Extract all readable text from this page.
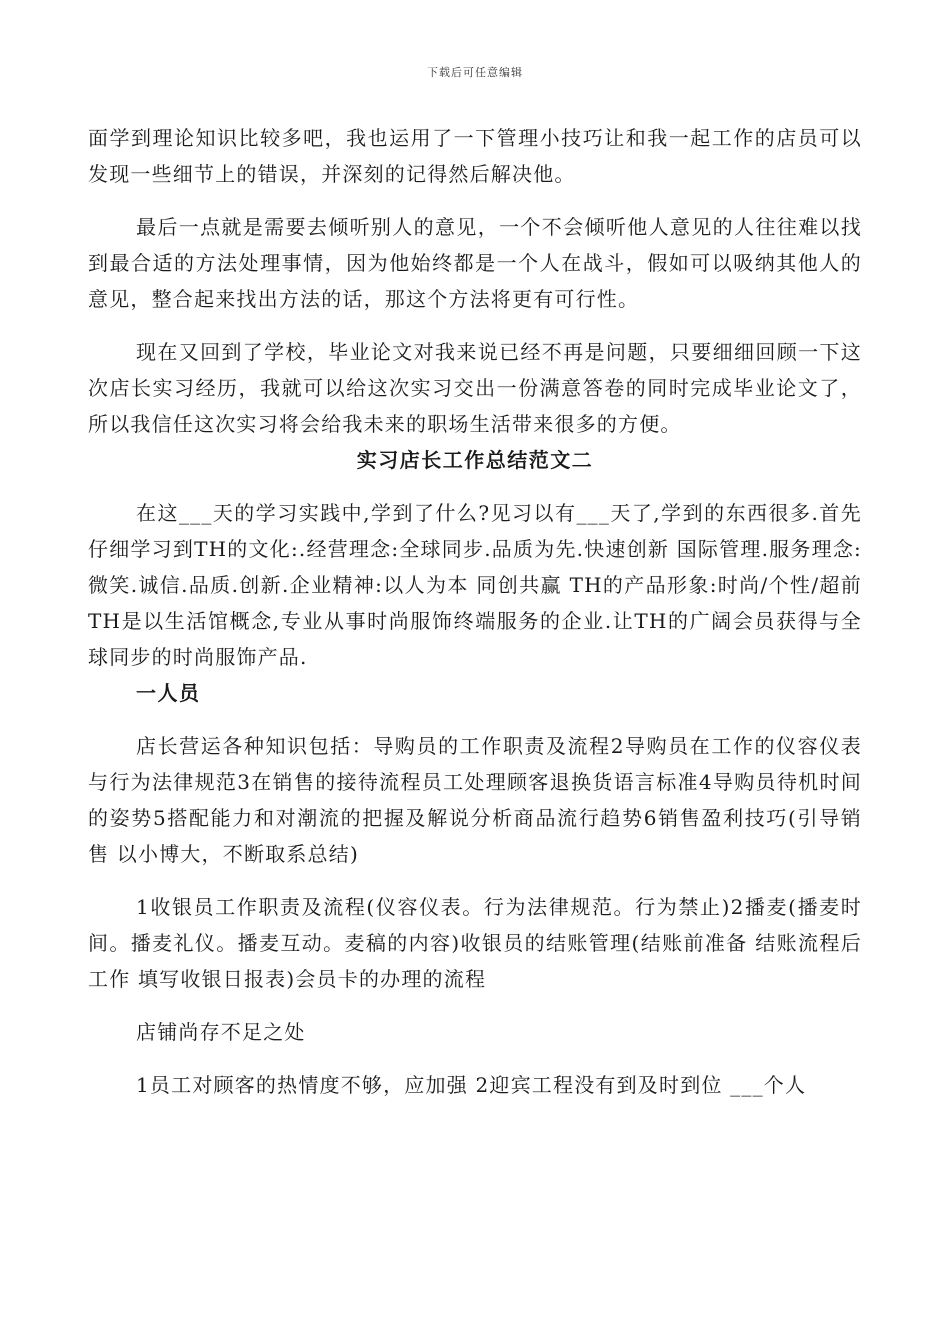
下载后可任意编辑

面学到理论知识比较多吧，我也运用了一下管理小技巧让和我一起工作的店员可以发现一些细节上的错误，并深刻的记得然后解决他。

最后一点就是需要去倾听别人的意见，一个不会倾听他人意见的人往往难以找到最合适的方法处理事情，因为他始终都是一个人在战斗，假如可以吸纳其他人的意见，整合起来找出方法的话，那这个方法将更有可行性。

现在又回到了学校，毕业论文对我来说已经不再是问题，只要细细回顾一下这次店长实习经历，我就可以给这次实习交出一份满意答卷的同时完成毕业论文了，所以我信任这次实习将会给我未来的职场生活带来很多的方便。

实习店长工作总结范文二

在这___天的学习实践中,学到了什么?见习以有___天了,学到的东西很多.首先仔细学习到TH的文化:.经营理念:全球同步.品质为先.快速创新 国际管理.服务理念:微笑.诚信.品质.创新.企业精神:以人为本 同创共赢 TH的产品形象:时尚/个性/超前TH是以生活馆概念,专业从事时尚服饰终端服务的企业.让TH的广阔会员获得与全球同步的时尚服饰产品.

一人员

店长营运各种知识包括：导购员的工作职责及流程2导购员在工作的仪容仪表与行为法律规范3在销售的接待流程员工处理顾客退换货语言标准4导购员待机时间的姿势5搭配能力和对潮流的把握及解说分析商品流行趋势6销售盈利技巧(引导销售 以小博大，不断取系总结)

1收银员工作职责及流程(仪容仪表。行为法律规范。行为禁止)2播麦(播麦时间。播麦礼仪。播麦互动。麦稿的内容)收银员的结账管理(结账前准备 结账流程后工作 填写收银日报表)会员卡的办理的流程

店铺尚存不足之处

1员工对顾客的热情度不够，应加强 2迎宾工程没有到及时到位 ___个人
